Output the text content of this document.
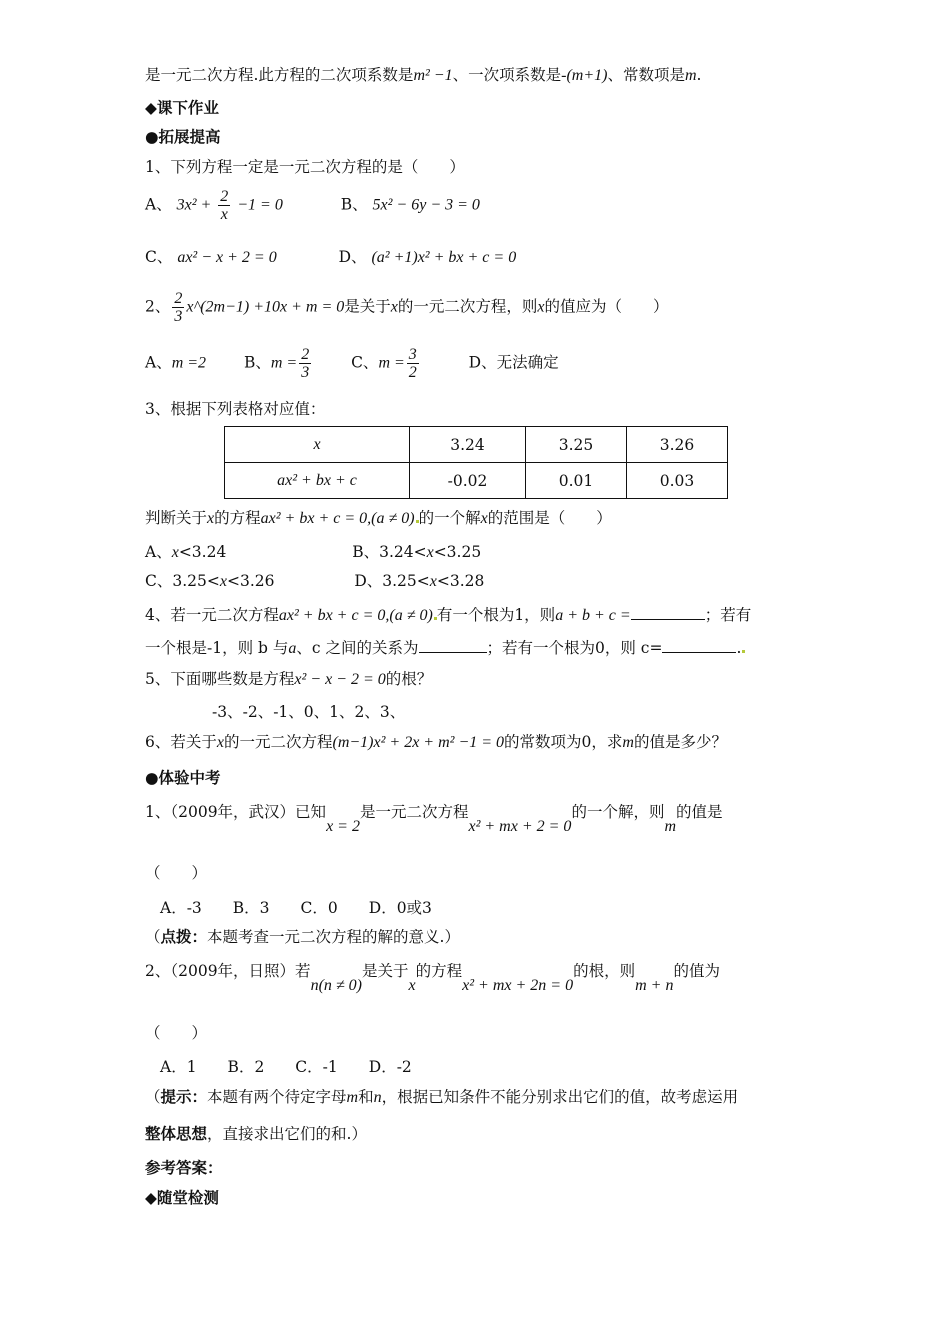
是一元二次方程.此方程的二次项系数是m² −1、一次项系数是-(m+1)、常数项是m.
◆课下作业
●拓展提高
1、下列方程一定是一元二次方程的是（　　）
A、 $3x^2 + \frac{2}{x} -1 = 0$	B、 5x² − 6y − 3 = 0
C、 ax² − x + 2 = 0	D、 (a² +1)x² + bx + c = 0
2、 $\frac{2}{3}$ x^(2m−1) +10x + m = 0是关于x的一元二次方程，则x的值应为（　　）
A、m =2 B、$m = \frac{2}{3}$	C、$m = \frac{3}{2}$	D、无法确定
3、根据下列表格对应值：
x	3.24	3.25	3.26
ax² + bx + c	-0.02	0.01	0.03
判断关于x的方程ax² + bx + c = 0,(a ≠ 0) 的一个解x的范围是（　　）
A、x<3.24	B、3.24<x<3.25
C、3.25<x<3.26	D、3.25<x<3.28
4、若一元二次方程ax² + bx + c = 0,(a ≠ 0) 有一个根为1，则a + b + c =	；若有
一个根是-1，则 b 与a、c 之间的关系为	；若有一个根为0，则 c=	.
5、下面哪些数是方程x² − x − 2 = 0的根？
-3、-2、-1、0、1、2、3、
6、若关于x的一元二次方程(m−1)x² + 2x + m² −1 = 0的常数项为0，求m的值是多少？
●体验中考
1、（2009年，武汉）已知x = 2是一元二次方程x² + mx + 2 = 0的一个解，则m的值是
（　　）
A．-3　　B．3　　C．0　　D．0或3
（点拨：本题考查一元二次方程的解的意义.）
2、（2009年，日照）若n(n ≠ 0)是关于x的方程x² + mx + 2n = 0的根，则m + n的值为
（　　）
A．1　　B．2　　C．-1　　D．-2
（提示：本题有两个待定字母m和n，根据已知条件不能分别求出它们的值，故考虑运用
整体思想，直接求出它们的和.）
参考答案：
◆随堂检测
